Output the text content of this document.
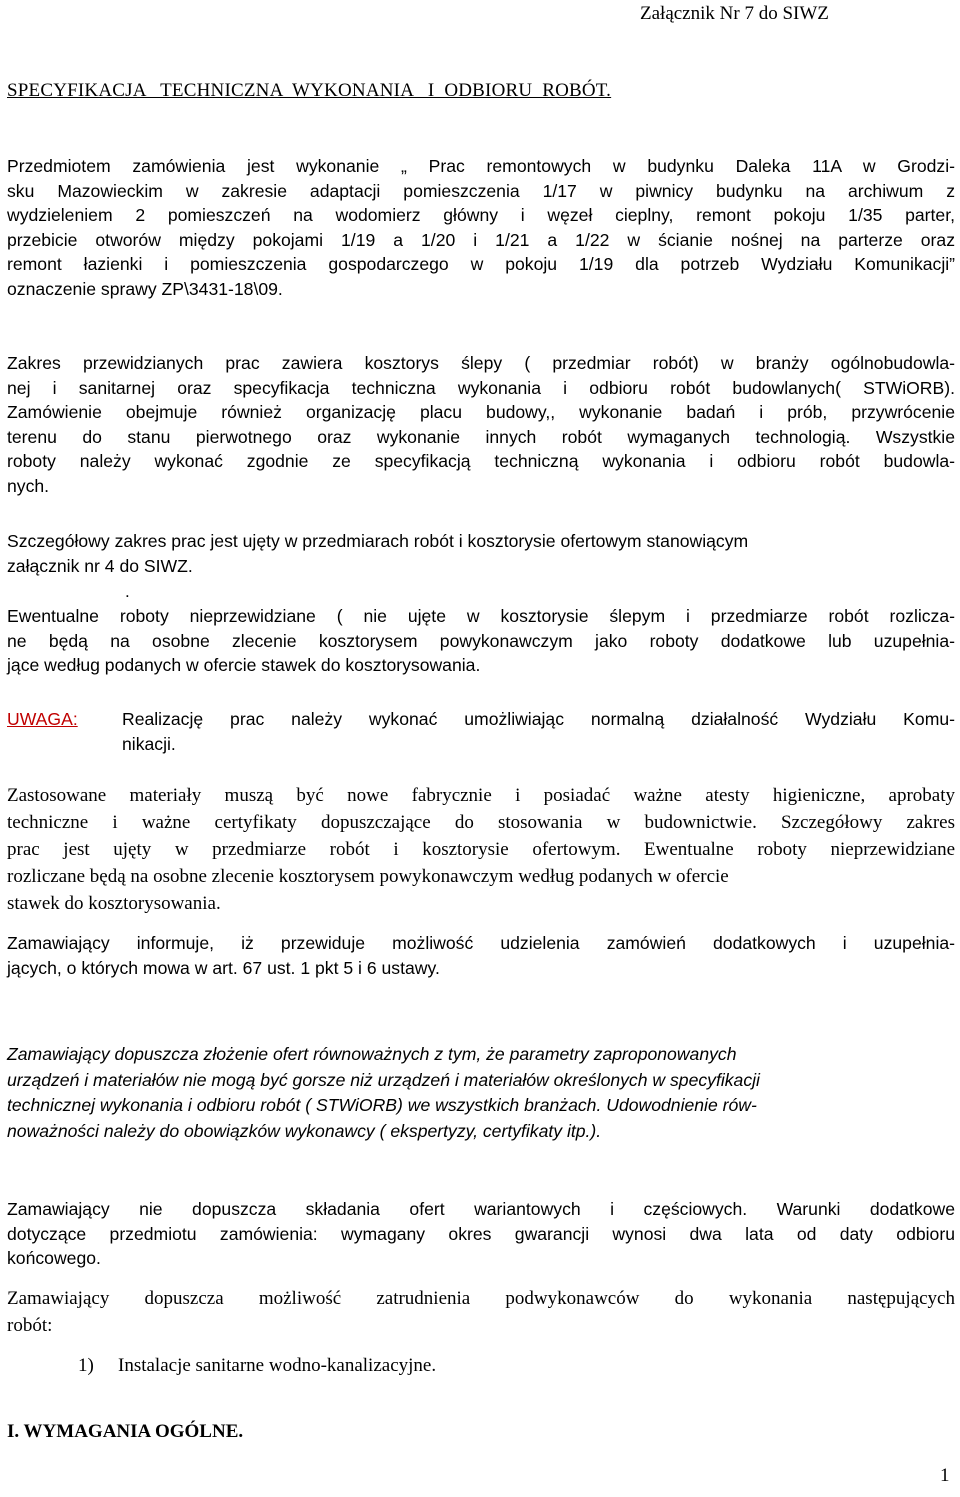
Załącznik Nr 7 do SIWZ
SPECYFIKACJA   TECHNICZNA  WYKONANIA   I  ODBIORU  ROBÓT.
Przedmiotem zamówienia jest wykonanie „ Prac remontowych w budynku Daleka 11A w Grodzi-
sku Mazowieckim w zakresie adaptacji pomieszczenia 1/17 w piwnicy budynku na archiwum z
wydzieleniem 2 pomieszczeń na wodomierz główny i węzeł cieplny, remont pokoju 1/35 parter,
przebicie otworów między pokojami 1/19 a 1/20 i 1/21 a 1/22 w ścianie nośnej na parterze oraz
remont łazienki i pomieszczenia gospodarczego w pokoju 1/19 dla potrzeb Wydziału Komunikacji”
oznaczenie sprawy ZP\3431-18\09.
Zakres przewidzianych prac zawiera kosztorys ślepy ( przedmiar robót) w branży ogólnobudowla-
nej i sanitarnej oraz specyfikacja techniczna wykonania i odbioru robót budowlanych( STWiORB).
Zamówienie obejmuje również organizację placu budowy,, wykonanie badań i prób, przywrócenie
terenu do stanu pierwotnego oraz wykonanie innych robót wymaganych technologią. Wszystkie
roboty należy wykonać zgodnie ze specyfikacją techniczną wykonania i odbioru robót budowla-
nych.
Szczegółowy zakres prac jest ujęty w przedmiarach robót i kosztorysie ofertowym stanowiącym
załącznik nr 4 do SIWZ.
.
Ewentualne roboty nieprzewidziane ( nie ujęte w kosztorysie ślepym i przedmiarze robót rozlicza-
ne będą na osobne zlecenie kosztorysem powykonawczym jako roboty dodatkowe lub uzupełnia-
jące według podanych w ofercie stawek do kosztorysowania.
UWAGA:	Realizację prac należy wykonać umożliwiając normalną działalność Wydziału Komu-
nikacji.
Zastosowane materiały muszą być nowe fabrycznie i posiadać ważne atesty higieniczne, aprobaty
techniczne i ważne certyfikaty dopuszczające do stosowania w budownictwie. Szczegółowy zakres
prac jest ujęty w przedmiarze robót i kosztorysie ofertowym. Ewentualne roboty nieprzewidziane
rozliczane będą na osobne zlecenie kosztorysem powykonawczym według podanych w ofercie
stawek do kosztorysowania.
Zamawiający informuje, iż przewiduje możliwość udzielenia zamówień dodatkowych i uzupełnia-
jących, o których mowa w art. 67 ust. 1 pkt 5 i 6 ustawy.
Zamawiający dopuszcza złożenie ofert równoważnych z tym, że parametry zaproponowanych
urządzeń i materiałów nie mogą być gorsze niż urządzeń i materiałów określonych w specyfikacji
technicznej wykonania i odbioru robót ( STWiORB) we wszystkich branżach. Udowodnienie rów-
noważności należy do obowiązków wykonawcy ( ekspertyzy, certyfikaty itp.).
Zamawiający nie dopuszcza składania ofert wariantowych i częściowych. Warunki dodatkowe
dotyczące przedmiotu zamówienia: wymagany okres gwarancji wynosi dwa lata od daty odbioru
końcowego.
Zamawiający dopuszcza możliwość zatrudnienia podwykonawców do wykonania następujących
robót:
1) Instalacje sanitarne wodno-kanalizacyjne.
I. WYMAGANIA OGÓLNE.
1
